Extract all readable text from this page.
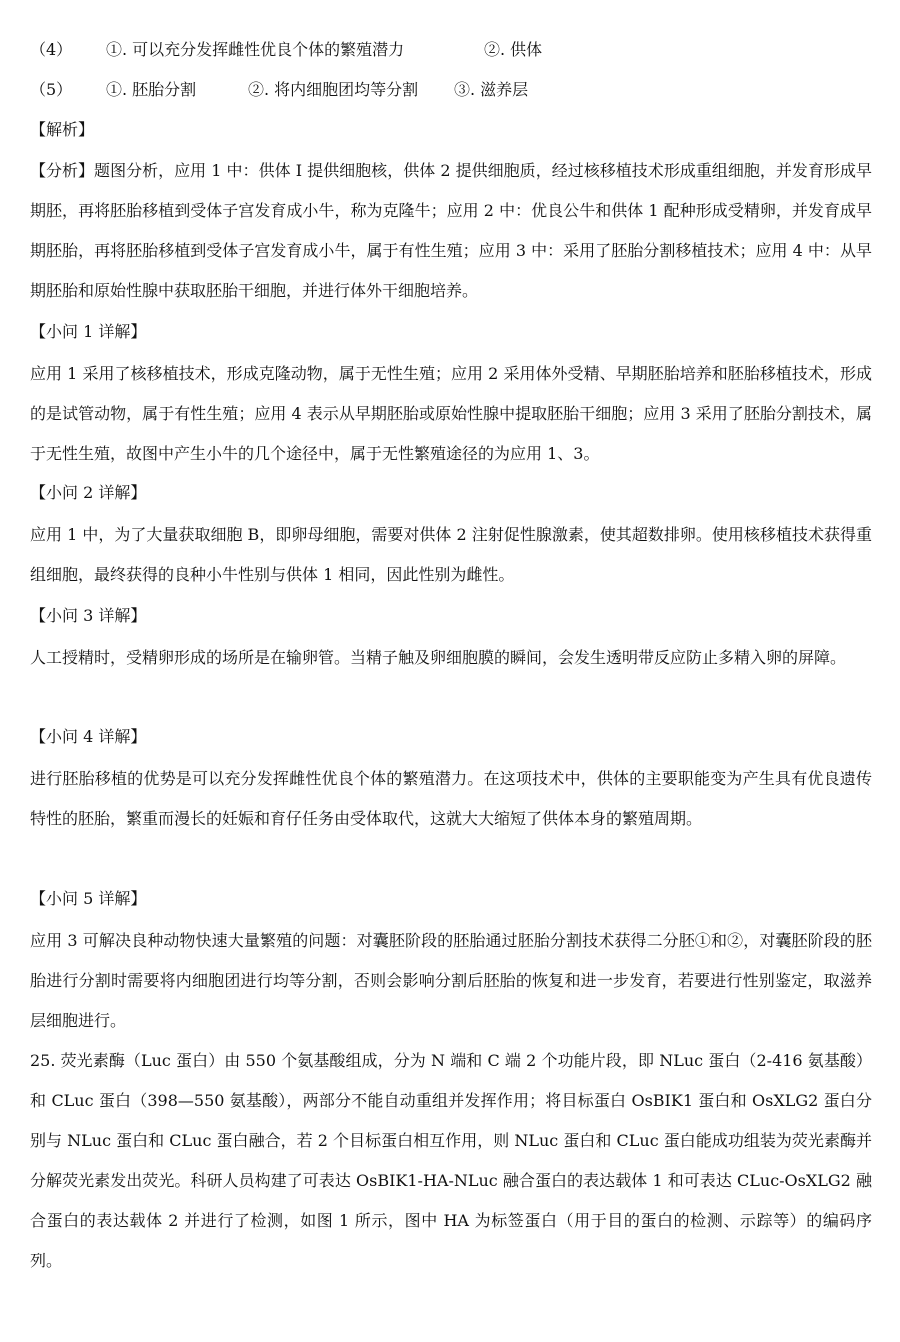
（4） ①. 可以充分发挥雌性优良个体的繁殖潜力	②. 供体
（5） ①. 胚胎分割	②. 将内细胞团均等分割 ③. 滋养层
【解析】
【分析】题图分析，应用 1 中：供体 I 提供细胞核，供体 2 提供细胞质，经过核移植技术形成重组细胞，并发育形成早期胚，再将胚胎移植到受体子宫发育成小牛，称为克隆牛；应用 2 中：优良公牛和供体 1 配种形成受精卵，并发育成早期胚胎，再将胚胎移植到受体子宫发育成小牛，属于有性生殖；应用 3 中：采用了胚胎分割移植技术；应用 4 中：从早期胚胎和原始性腺中获取胚胎干细胞，并进行体外干细胞培养。
【小问 1 详解】
应用 1 采用了核移植技术，形成克隆动物，属于无性生殖；应用 2 采用体外受精、早期胚胎培养和胚胎移植技术，形成的是试管动物，属于有性生殖；应用 4 表示从早期胚胎或原始性腺中提取胚胎干细胞；应用 3 采用了胚胎分割技术，属于无性生殖，故图中产生小牛的几个途径中，属于无性繁殖途径的为应用 1、3。
【小问 2 详解】
应用 1 中，为了大量获取细胞 B，即卵母细胞，需要对供体 2 注射促性腺激素，使其超数排卵。使用核移植技术获得重组细胞，最终获得的良种小牛性别与供体 1 相同，因此性别为雌性。
【小问 3 详解】
人工授精时，受精卵形成的场所是在输卵管。当精子触及卵细胞膜的瞬间，会发生透明带反应防止多精入卵的屏障。
【小问 4 详解】
进行胚胎移植的优势是可以充分发挥雌性优良个体的繁殖潜力。在这项技术中，供体的主要职能变为产生具有优良遗传特性的胚胎，繁重而漫长的妊娠和育仔任务由受体取代，这就大大缩短了供体本身的繁殖周期。
【小问 5 详解】
应用 3 可解决良种动物快速大量繁殖的问题：对囊胚阶段的胚胎通过胚胎分割技术获得二分胚①和②，对囊胚阶段的胚胎进行分割时需要将内细胞团进行均等分割，否则会影响分割后胚胎的恢复和进一步发育，若要进行性别鉴定，取滋养层细胞进行。
25. 荧光素酶（Luc 蛋白）由 550 个氨基酸组成，分为 N 端和 C 端 2 个功能片段，即 NLuc 蛋白（2-416 氨基酸）和 CLuc 蛋白（398—550 氨基酸），两部分不能自动重组并发挥作用；将目标蛋白 OsBIK1 蛋白和 OsXLG2 蛋白分别与 NLuc 蛋白和 CLuc 蛋白融合，若 2 个目标蛋白相互作用，则 NLuc 蛋白和 CLuc 蛋白能成功组装为荧光素酶并分解荧光素发出荧光。科研人员构建了可表达 OsBIK1-HA-NLuc 融合蛋白的表达载体 1 和可表达 CLuc-OsXLG2 融合蛋白的表达载体 2 并进行了检测，如图 1 所示，图中 HA 为标签蛋白（用于目的蛋白的检测、示踪等）的编码序列。
